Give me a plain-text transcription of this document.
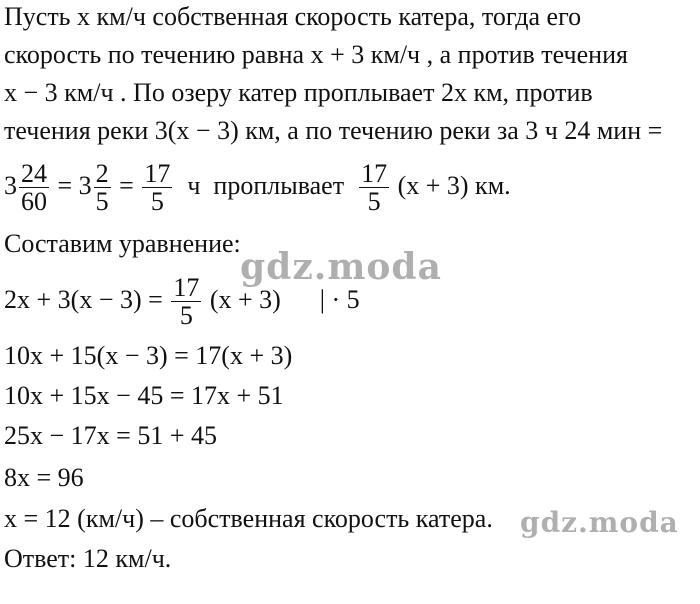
Пусть x км/ч собственная скорость катера, тогда его
скорость по течению равна x + 3 км/ч , а против течения
x − 3 км/ч . По озеру катер проплывает 2x км, против
течения реки 3(x − 3) км, а по течению реки за 3 ч 24 мин =
$3 \frac{24}{60} = 3 \frac{2}{5} = \frac{17}{5}$ ч  проплывает $\frac{17}{5} (x + 3)$ км.
Составим уравнение:
$2x + 3(x - 3) = \frac{17}{5} (x + 3)$      | · 5
10x + 15(x − 3) = 17(x + 3)
10x + 15x − 45 = 17x + 51
25x − 17x = 51 + 45
8x = 96
x = 12 (км/ч) – собственная скорость катера.
Ответ: 12 км/ч.
gdz.moda
gdz.moda
